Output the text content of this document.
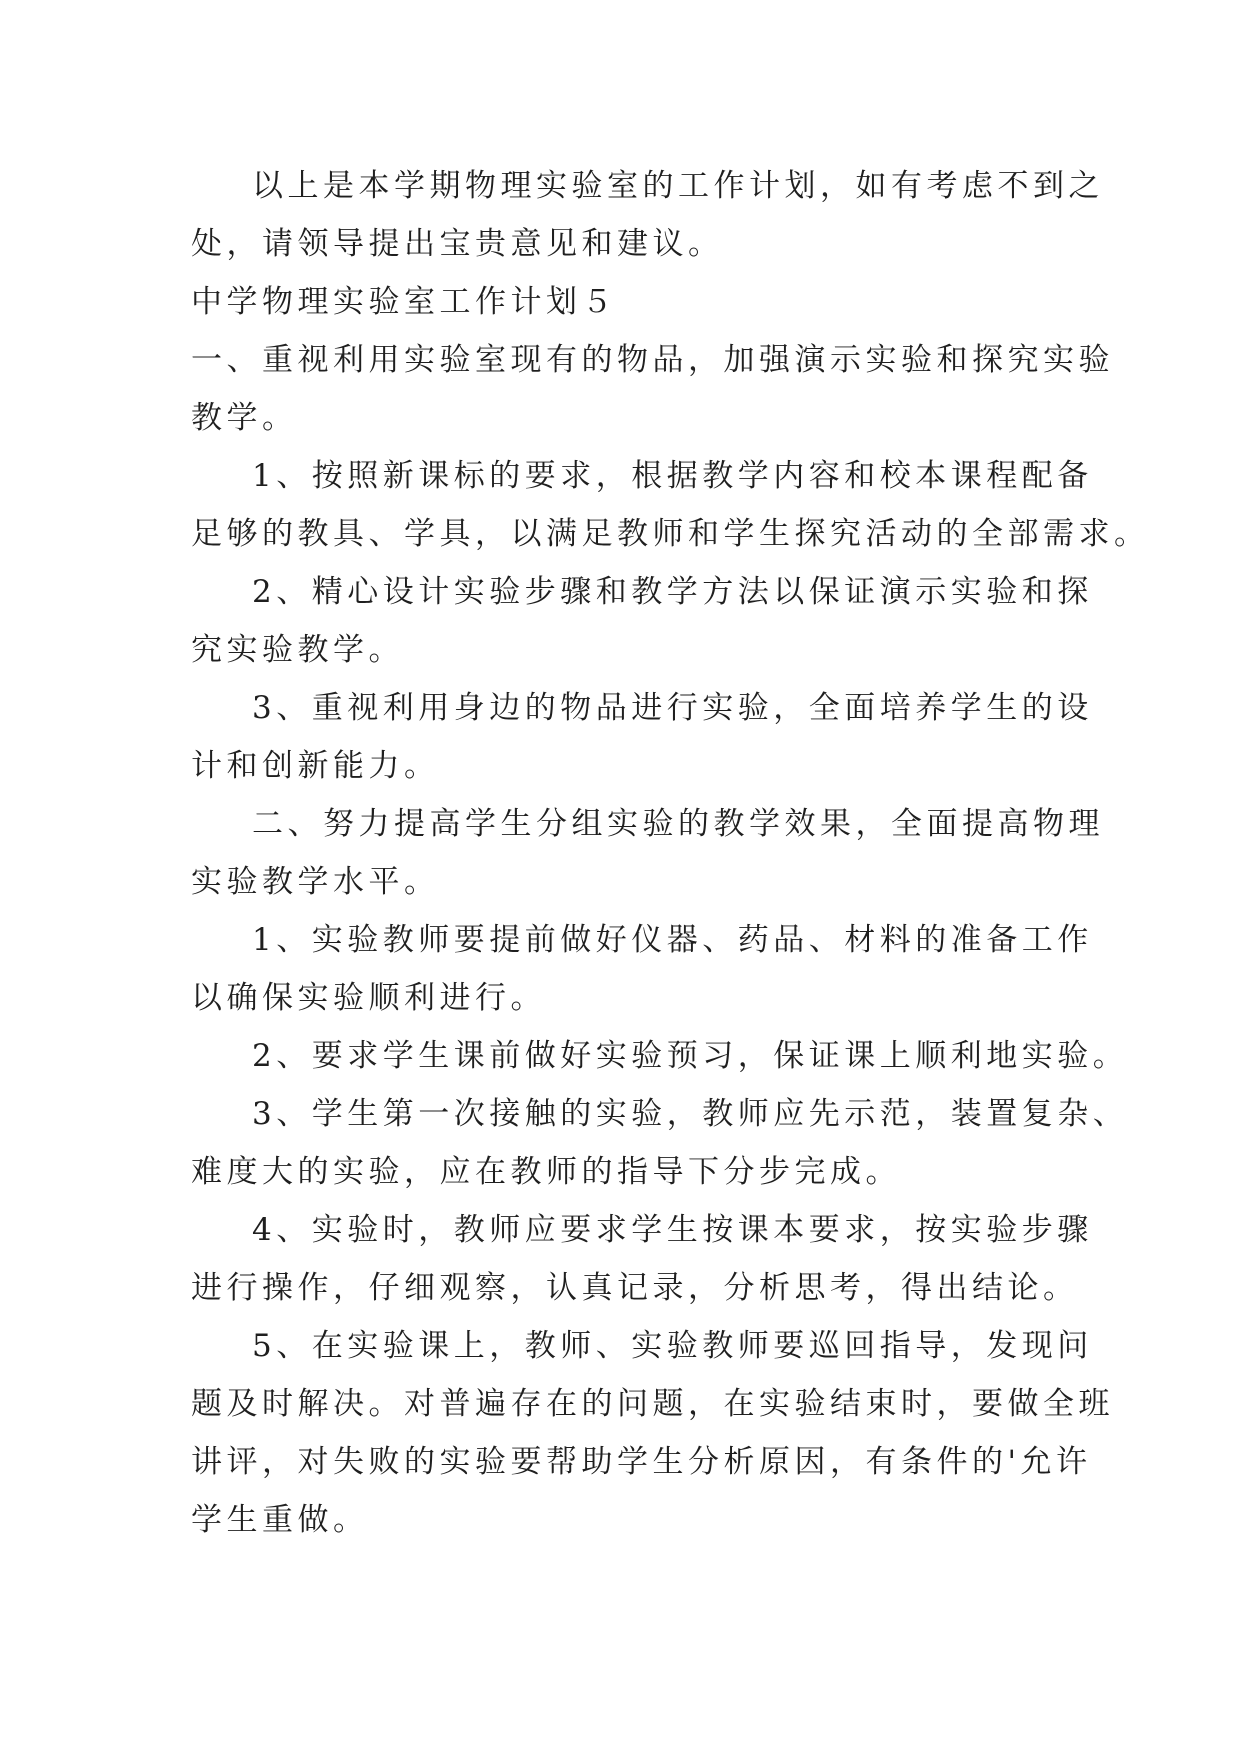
以上是本学期物理实验室的工作计划，如有考虑不到之
处，请领导提出宝贵意见和建议。
中学物理实验室工作计划５
一、重视利用实验室现有的物品，加强演示实验和探究实验
教学。
1、按照新课标的要求，根据教学内容和校本课程配备
足够的教具、学具，以满足教师和学生探究活动的全部需求。
2、精心设计实验步骤和教学方法以保证演示实验和探
究实验教学。
3、重视利用身边的物品进行实验，全面培养学生的设
计和创新能力。
二、努力提高学生分组实验的教学效果，全面提高物理
实验教学水平。
1、实验教师要提前做好仪器、药品、材料的准备工作
以确保实验顺利进行。
2、要求学生课前做好实验预习，保证课上顺利地实验。
3、学生第一次接触的实验，教师应先示范，装置复杂、
难度大的实验，应在教师的指导下分步完成。
4、实验时，教师应要求学生按课本要求，按实验步骤
进行操作，仔细观察，认真记录，分析思考，得出结论。
5、在实验课上，教师、实验教师要巡回指导，发现问
题及时解决。对普遍存在的问题，在实验结束时，要做全班
讲评，对失败的实验要帮助学生分析原因，有条件的'允许
学生重做。
